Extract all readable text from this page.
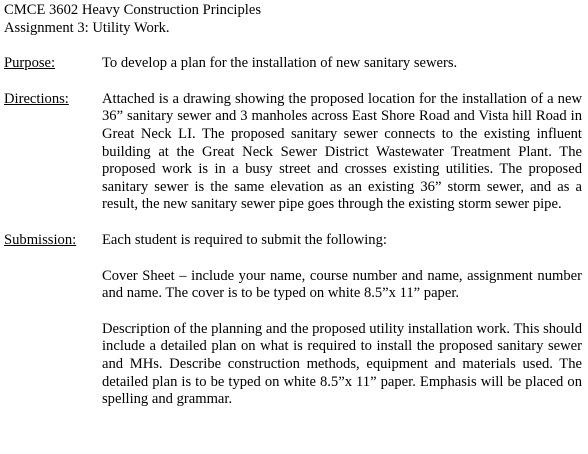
CMCE 3602 Heavy Construction Principles
Assignment 3: Utility Work.
Purpose:	To develop a plan for the installation of new sanitary sewers.

Directions:	Attached is a drawing showing the proposed location for the installation of a new 36” sanitary sewer and 3 manholes across East Shore Road and Vista hill Road in Great Neck LI. The proposed sanitary sewer connects to the existing influent building at the Great Neck Sewer District Wastewater Treatment Plant. The proposed work is in a busy street and crosses existing utilities. The proposed sanitary sewer is the same elevation as an existing 36” storm sewer, and as a result, the new sanitary sewer pipe goes through the existing storm sewer pipe.

Submission:	Each student is required to submit the following:

Cover Sheet – include your name, course number and name, assignment number and name. The cover is to be typed on white 8.5”x 11” paper.

Description of the planning and the proposed utility installation work. This should include a detailed plan on what is required to install the proposed sanitary sewer and MHs. Describe construction methods, equipment and materials used. The detailed plan is to be typed on white 8.5”x 11” paper. Emphasis will be placed on spelling and grammar.
